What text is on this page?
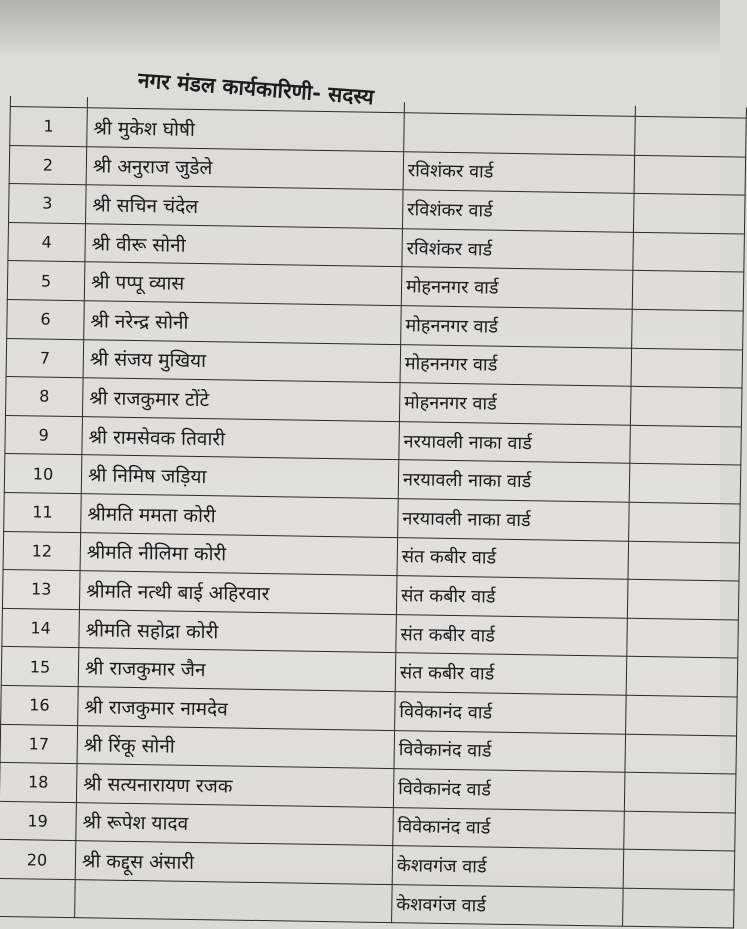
नगर मंडल कार्यकारिणी- सदस्य

1	श्री मुकेश घोषी		
2	श्री अनुराज जुडेले	रविशंकर वार्ड	
3	श्री सचिन चंदेल	रविशंकर वार्ड	
4	श्री वीरू सोनी	रविशंकर वार्ड	
5	श्री पप्पू व्यास	मोहननगर वार्ड	
6	श्री नरेन्द्र सोनी	मोहननगर वार्ड	
7	श्री संजय मुखिया	मोहननगर वार्ड	
8	श्री राजकुमार टोंटे	मोहननगर वार्ड	
9	श्री रामसेवक तिवारी	नरयावली नाका वार्ड	
10	श्री निमिष जड़िया	नरयावली नाका वार्ड	
11	श्रीमति ममता कोरी	नरयावली नाका वार्ड	
12	श्रीमति नीलिमा कोरी	संत कबीर वार्ड	
13	श्रीमति नत्थी बाई अहिरवार	संत कबीर वार्ड	
14	श्रीमति सहोद्रा कोरी	संत कबीर वार्ड	
15	श्री राजकुमार जैन	संत कबीर वार्ड	
16	श्री राजकुमार नामदेव	विवेकानंद वार्ड	
17	श्री रिंकू सोनी	विवेकानंद वार्ड	
18	श्री सत्यनारायण रजक	विवेकानंद वार्ड	
19	श्री रूपेश यादव	विवेकानंद वार्ड	
20	श्री कद्दूस अंसारी	केशवगंज वार्ड	
		केशवगंज वार्ड	
